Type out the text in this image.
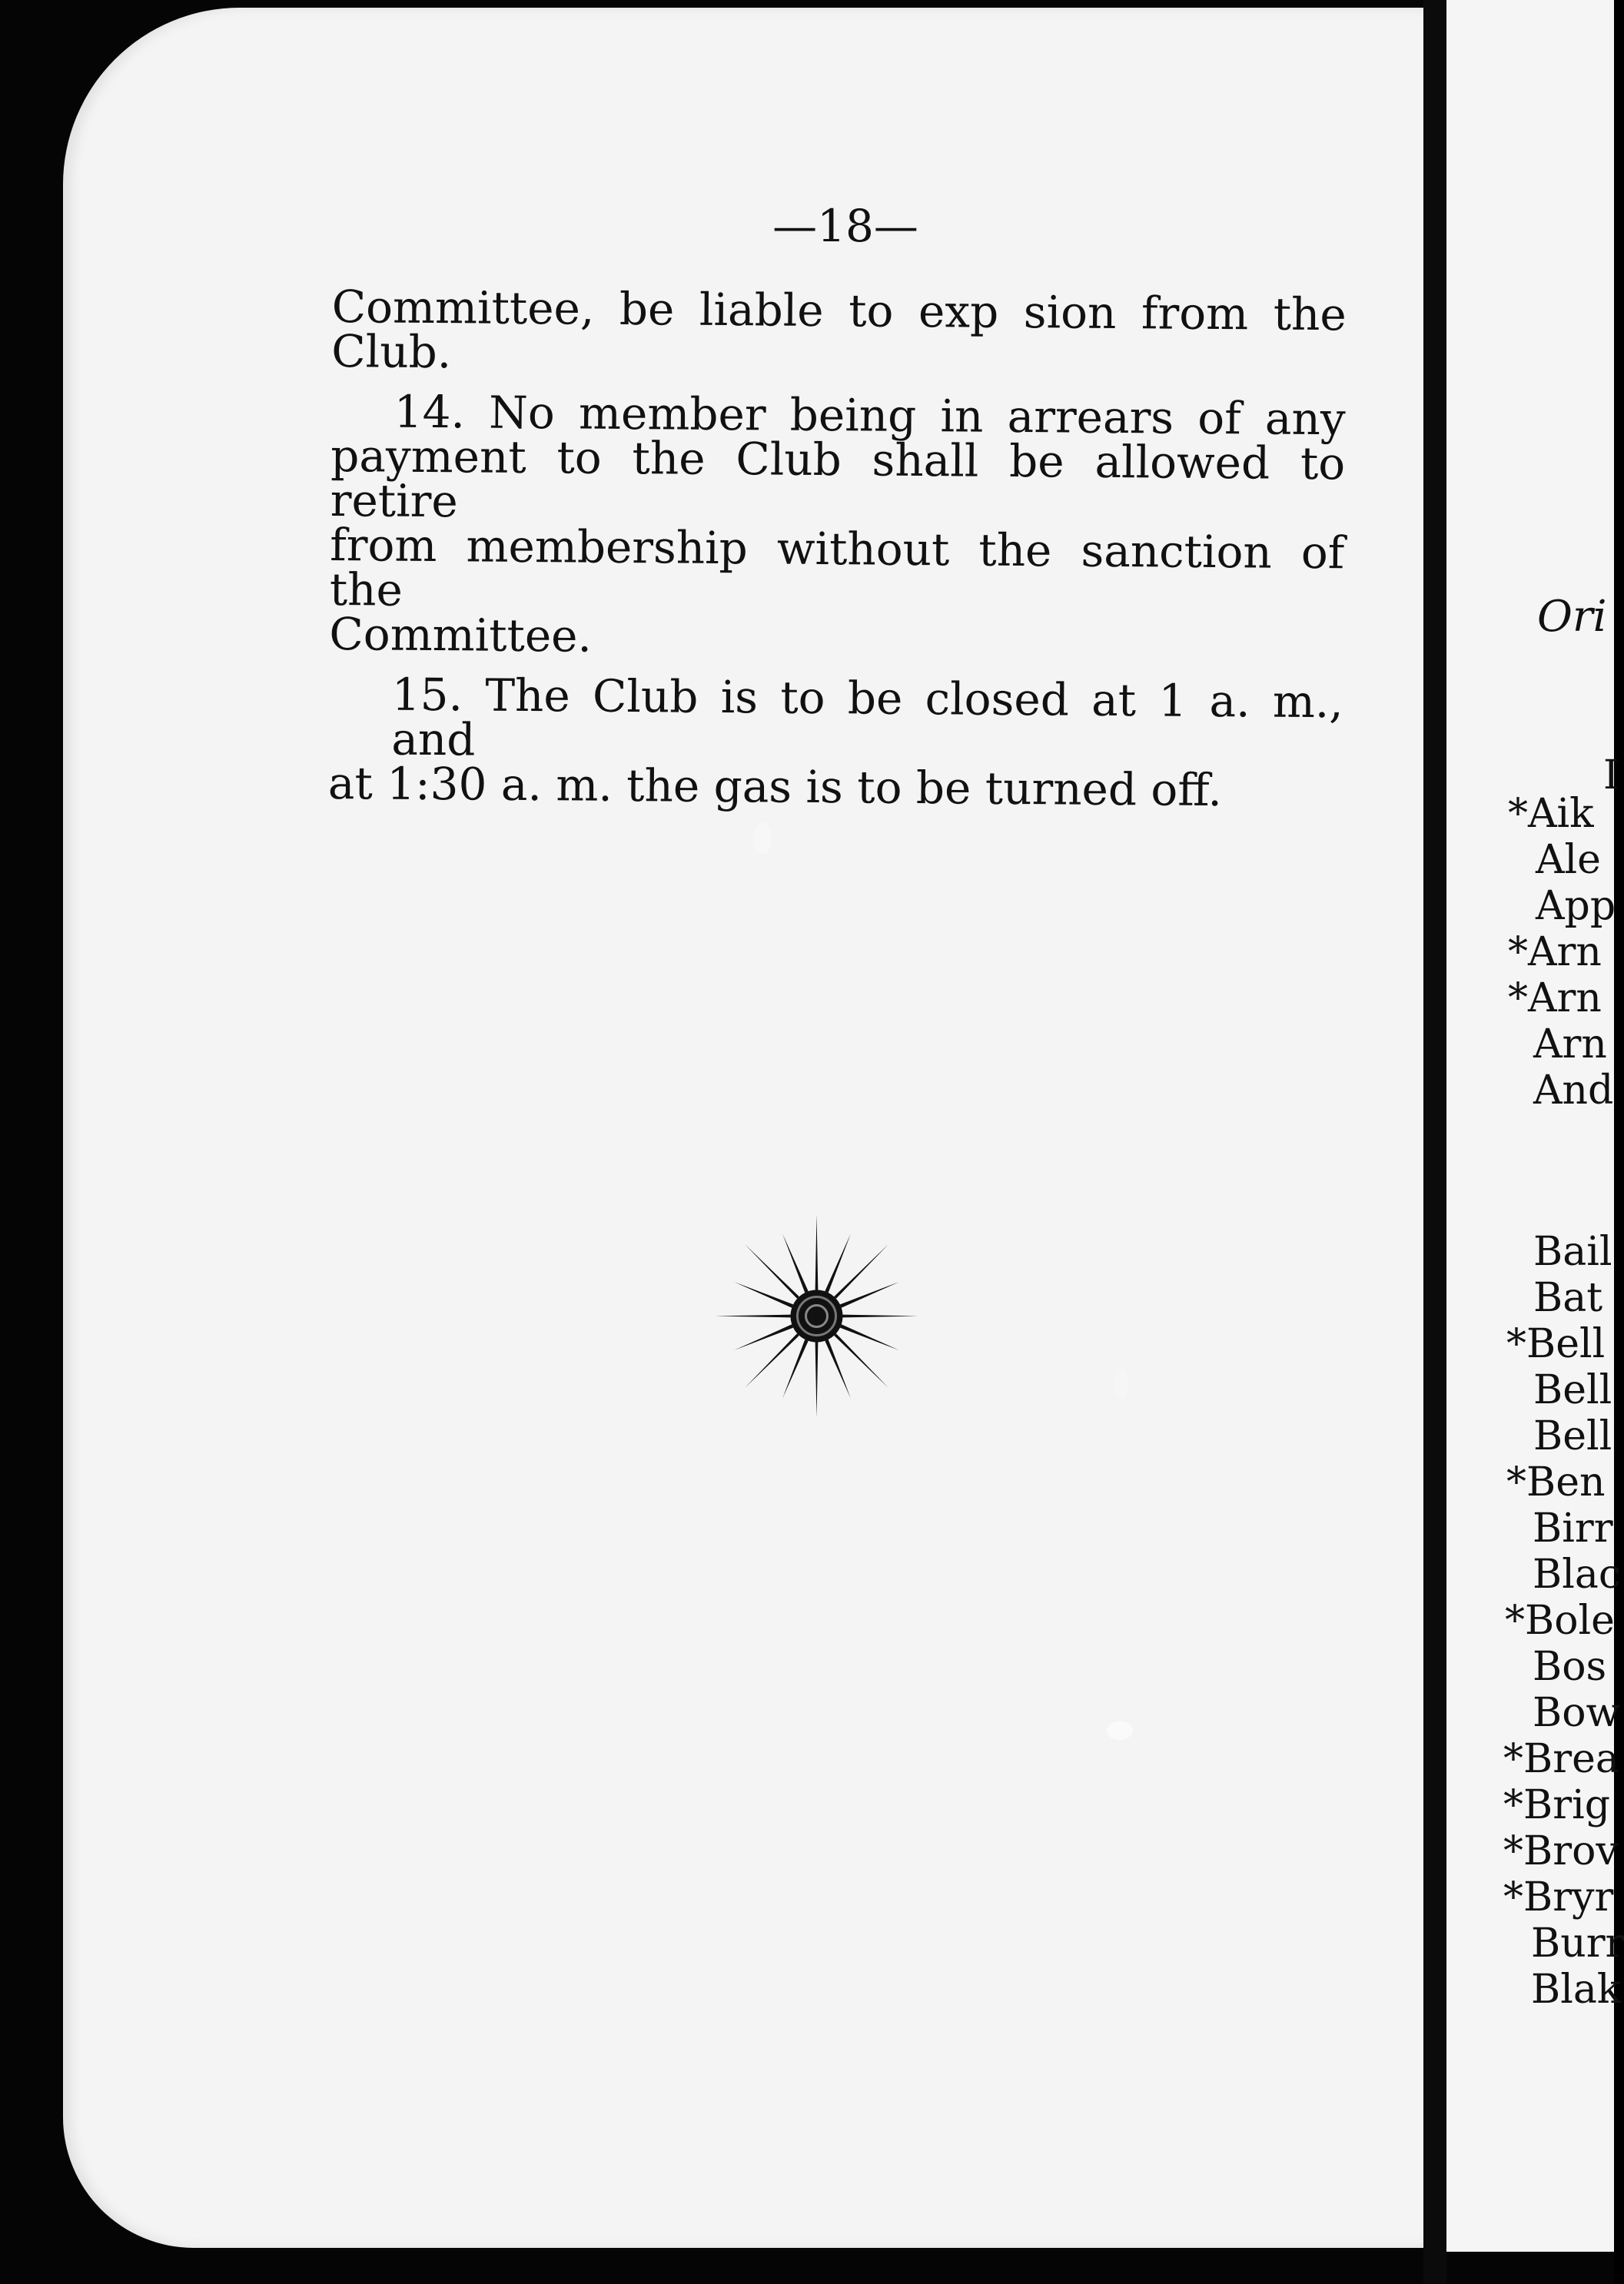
—18—
Committee, be liable to exp sion from the
Club.
14. No member being in arrears of any
payment to the Club shall be allowed to retire
from membership without the sanction of the
Committee.
15. The Club is to be closed at 1 a. m., and
at 1:30 a. m. the gas is to be turned off.
Ori
I
*Aik
Ale
App
*Arn
*Arn
Arn
And
Bail
Bat
*Bell
Bell
Bell
*Ben
Birr
Blac
*Bole
Bos
Bow
*Brea
*Brig
*Brov
*Bryr
Burr
Blak
